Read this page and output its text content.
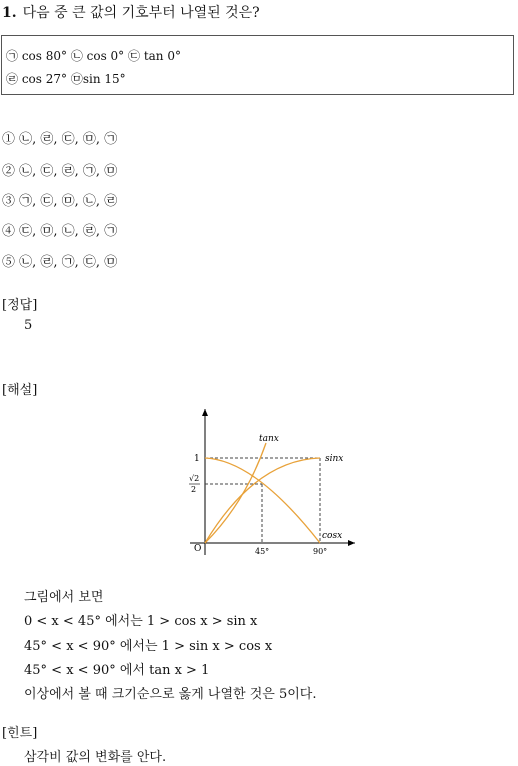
1. 다음 중 큰 값의 기호부터 나열된 것은?
㉠ cos 80° ㉡ cos 0° ㉢ tan 0°
㉣ cos 27° ㉤sin 15°
① ㉡, ㉣, ㉢, ㉤, ㉠
② ㉡, ㉢, ㉣, ㉠, ㉤
③ ㉠, ㉢, ㉤, ㉡, ㉣
④ ㉢, ㉤, ㉡, ㉣, ㉠
⑤ ㉡, ㉣, ㉠, ㉢, ㉤
[정답]
5
[해설]
tanx
sinx
cosx
1
√2
2
O	45°	90°
그림에서 보면
0 < x < 45° 에서는 1 > cos x > sin x
45° < x < 90° 에서는 1 > sin x > cos x
45° < x < 90° 에서 tan x > 1
이상에서 볼 때 크기순으로 옳게 나열한 것은 5이다.
[힌트]
삼각비 값의 변화를 안다.
